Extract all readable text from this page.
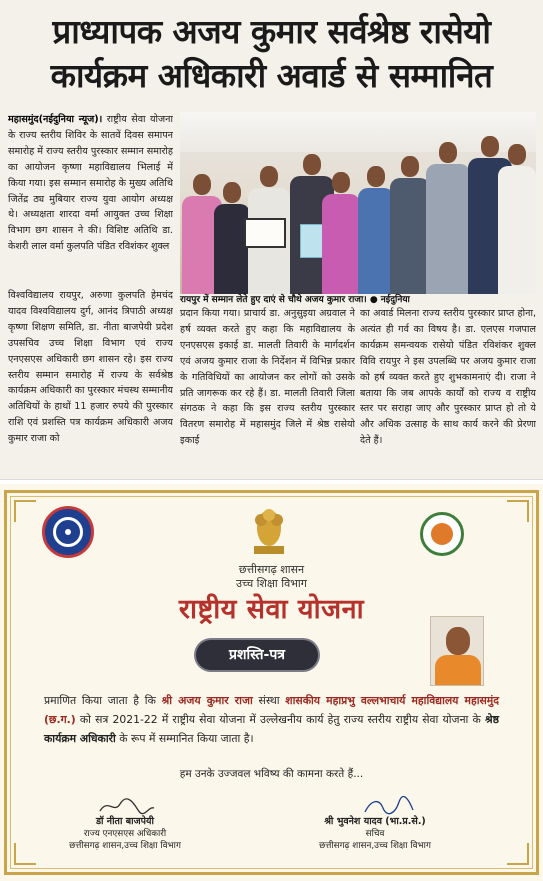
प्राध्यापक अजय कुमार सर्वश्रेष्ठ रासेयो
कार्यक्रम अधिकारी अवार्ड से सम्मानित
महासमुंद(नईदुनिया न्यूज)। राष्ट्रीय सेवा योजना के राज्य स्तरीय शिविर के सातवें दिवस समापन समारोह में राज्य स्तरीय पुरस्कार सम्मान समारोह का आयोजन कृष्णा महाविद्यालय भिलाई में किया गया। इस सम्मान समारोह के मुख्य अतिथि जितेंद्र ठ्य मुबियार राज्य युवा आयोग अध्यक्ष थे। अध्यक्षता शारदा वर्मा आयुक्त उच्च शिक्षा विभाग छग शासन ने की। विशिष्ट अतिथि डा. केशरी लाल वर्मा कुलपति पंडित रविशंकर शुक्ल
विश्वविद्यालय रायपुर, अरुणा कुलपति हेमचंद यादव विश्वविद्यालय दुर्ग, आनंद त्रिपाठी अध्यक्ष कृष्णा शिक्षण समिति, डा. नीता बाजपेयी प्रदेश उपसचिव उच्च शिक्षा विभाग एवं राज्य एनएसएस अधिकारी छग शासन रहे। इस राज्य स्तरीय सम्मान समारोह में राज्य के सर्वश्रेष्ठ कार्यक्रम अधिकारी का पुरस्कार मंचस्थ सम्मानीय अतिथियों के हाथों 11 हजार रुपये की पुरस्कार राशि एवं प्रशस्ति पत्र कार्यक्रम अधिकारी अजय कुमार राजा को
रायपुर में सम्मान लेते हुए दाएं से चौथे अजय कुमार राजा। ● नईदुनिया
प्रदान किया गया। प्राचार्य डा. अनुसुइया अग्रवाल ने हर्ष व्यक्त करते हुए कहा कि महाविद्यालय के एनएसएस इकाई डा. मालती तिवारी के मार्गदर्शन एवं अजय कुमार राजा के निर्देशन में विभिन्न प्रकार के गतिविधियों का आयोजन कर लोगों को उसके प्रति जागरूक कर रहे हैं। डा. मालती तिवारी जिला संगठक ने कहा कि इस राज्य स्तरीय पुरस्कार वितरण समारोह में महासमुंद जिले में श्रेष्ठ रासेयो इकाई
का अवार्ड मिलना राज्य स्तरीय पुरस्कार प्राप्त होना, अत्यंत ही गर्व का विषय है। डा. एलएस गजपाल कार्यक्रम समन्वयक रासेयो पंडित रविशंकर शुक्ल विवि रायपुर ने इस उपलब्धि पर अजय कुमार राजा को हर्ष व्यक्त करते हुए शुभकामनाएं दी। राजा ने बताया कि जब आपके कार्यों को राज्य व राष्ट्रीय स्तर पर सराहा जाए और पुरस्कार प्राप्त हो तो ये और अधिक उत्साह के साथ कार्य करने की प्रेरणा देते हैं।
छत्तीसगढ़ शासन
उच्च शिक्षा विभाग
राष्ट्रीय सेवा योजना
प्रशस्ति-पत्र

प्रमाणित किया जाता है कि श्री अजय कुमार राजा संस्था शासकीय महाप्रभु वल्लभाचार्य महाविद्यालय महासमुंद (छ.ग.) को सत्र 2021-22 में राष्ट्रीय सेवा योजना में उल्लेखनीय कार्य हेतु राज्य स्तरीय राष्ट्रीय सेवा योजना के श्रेष्ठ कार्यक्रम अधिकारी के रूप में सम्मानित किया जाता है।

हम उनके उज्जवल भविष्य की कामना करते हैं...
डॉ नीता बाजपेयी
राज्य एनएसएस अधिकारी
छत्तीसगढ़ शासन,उच्च शिक्षा विभाग
श्री भुवनेश यादव (भा.प्र.से.)
सचिव
छत्तीसगढ़ शासन,उच्च शिक्षा विभाग
